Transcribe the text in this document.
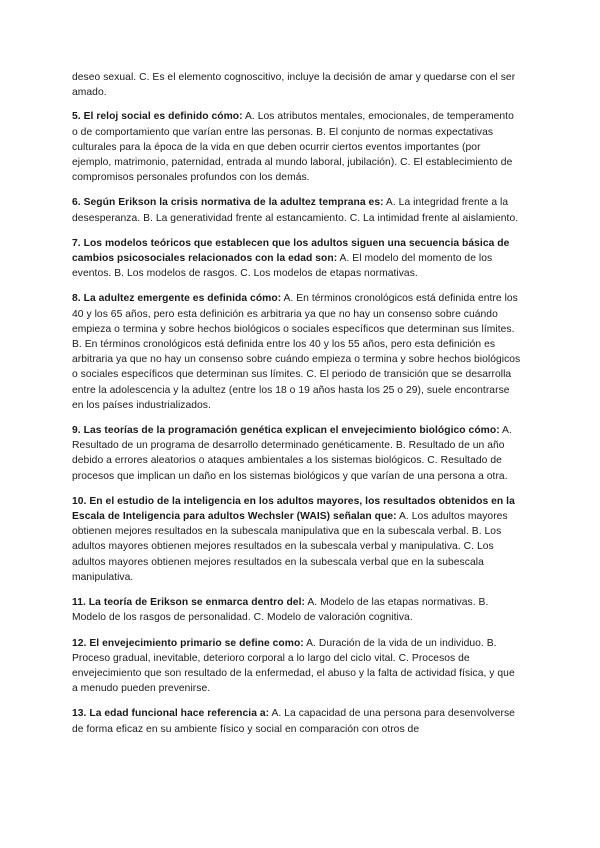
deseo sexual. C. Es el elemento cognoscitivo, incluye la decisión de amar y quedarse con el ser amado.

5. El reloj social es definido cómo: A. Los atributos mentales, emocionales, de temperamento o de comportamiento que varían entre las personas. B. El conjunto de normas expectativas culturales para la época de la vida en que deben ocurrir ciertos eventos importantes (por ejemplo, matrimonio, paternidad, entrada al mundo laboral, jubilación). C. El establecimiento de compromisos personales profundos con los demás.

6. Según Erikson la crisis normativa de la adultez temprana es: A. La integridad frente a la desesperanza. B. La generatividad frente al estancamiento. C. La intimidad frente al aislamiento.

7. Los modelos teóricos que establecen que los adultos siguen una secuencia básica de cambios psicosociales relacionados con la edad son: A. El modelo del momento de los eventos. B. Los modelos de rasgos. C. Los modelos de etapas normativas.

8. La adultez emergente es definida cómo: A. En términos cronológicos está definida entre los 40 y los 65 años, pero esta definición es arbitraria ya que no hay un consenso sobre cuándo empieza o termina y sobre hechos biológicos o sociales específicos que determinan sus límites. B. En términos cronológicos está definida entre los 40 y los 55 años, pero esta definición es arbitraria ya que no hay un consenso sobre cuándo empieza o termina y sobre hechos biológicos o sociales específicos que determinan sus límites. C. El periodo de transición que se desarrolla entre la adolescencia y la adultez (entre los 18 o 19 años hasta los 25 o 29), suele encontrarse en los países industrializados.

9. Las teorías de la programación genética explican el envejecimiento biológico cómo: A. Resultado de un programa de desarrollo determinado genéticamente. B. Resultado de un año debido a errores aleatorios o ataques ambientales a los sistemas biológicos. C. Resultado de procesos que implican un daño en los sistemas biológicos y que varían de una persona a otra.

10. En el estudio de la inteligencia en los adultos mayores, los resultados obtenidos en la Escala de Inteligencia para adultos Wechsler (WAIS) señalan que: A. Los adultos mayores obtienen mejores resultados en la subescala manipulativa que en la subescala verbal. B. Los adultos mayores obtienen mejores resultados en la subescala verbal y manipulativa. C. Los adultos mayores obtienen mejores resultados en la subescala verbal que en la subescala manipulativa.

11. La teoría de Erikson se enmarca dentro del: A. Modelo de las etapas normativas. B. Modelo de los rasgos de personalidad. C. Modelo de valoración cognitiva.

12. El envejecimiento primario se define como: A. Duración de la vida de un individuo. B. Proceso gradual, inevitable, deterioro corporal a lo largo del ciclo vital. C. Procesos de envejecimiento que son resultado de la enfermedad, el abuso y la falta de actividad física, y que a menudo pueden prevenirse.

13. La edad funcional hace referencia a: A. La capacidad de una persona para desenvolverse de forma eficaz en su ambiente físico y social en comparación con otros de
